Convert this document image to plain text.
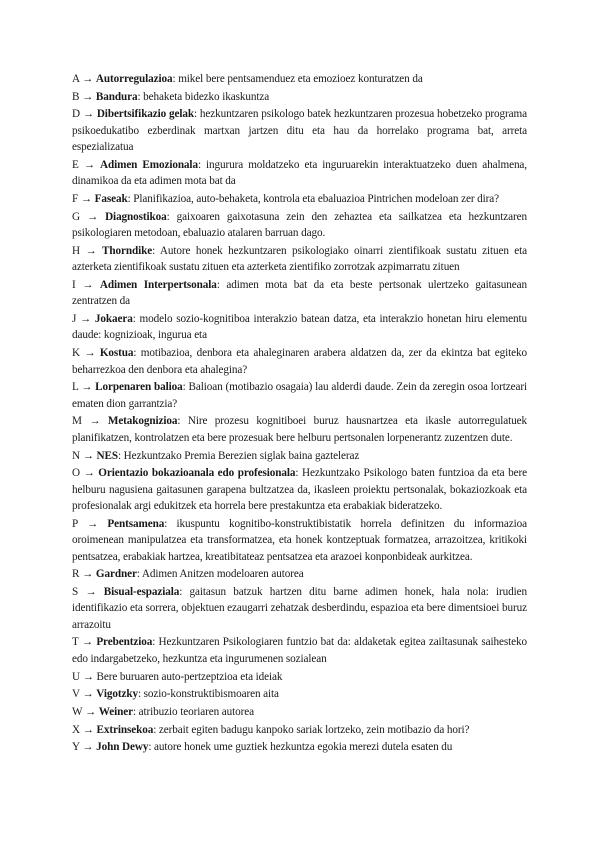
A → Autorregulazioa: mikel bere pentsamenduez eta emozioez konturatzen da

B → Bandura: behaketa bidezko ikaskuntza

D → Dibertsifikazio gelak: hezkuntzaren psikologo batek hezkuntzaren prozesua hobetzeko programa psikoedukatibo ezberdinak martxan jartzen ditu eta hau da horrelako programa bat, arreta espezializatua

E → Adimen Emozionala: ingurura moldatzeko eta inguruarekin interaktuatzeko duen ahalmena, dinamikoa da eta adimen mota bat da

F → Faseak: Planifikazioa, auto-behaketa, kontrola eta ebaluazioa Pintrichen modeloan zer dira?

G → Diagnostikoa: gaixoaren gaixotasuna zein den zehaztea eta sailkatzea eta hezkuntzaren psikologiaren metodoan, ebaluazio atalaren barruan dago.

H → Thorndike: Autore honek hezkuntzaren psikologiako oinarri zientifikoak sustatu zituen eta azterketa zientifikoak sustatu zituen eta azterketa zientifiko zorrotzak azpimarratu zituen

I → Adimen Interpertsonala: adimen mota bat da eta beste pertsonak ulertzeko gaitasunean zentratzen da

J → Jokaera: modelo sozio-kognitiboa interakzio batean datza, eta interakzio honetan hiru elementu daude: kognizioak, ingurua eta

K → Kostua: motibazioa, denbora eta ahaleginaren arabera aldatzen da, zer da ekintza bat egiteko beharrezkoa den denbora eta ahalegina?

L → Lorpenaren balioa: Balioan (motibazio osagaia) lau alderdi daude. Zein da zeregin osoa lortzeari ematen dion garrantzia?

M → Metakognizioa: Nire prozesu kognitiboei buruz hausnartzea eta ikasle autorregulatuek planifikatzen, kontrolatzen eta bere prozesuak bere helburu pertsonalen lorpenerantz zuzentzen dute.

N → NES: Hezkuntzako Premia Berezien siglak baina gazteleraz

O → Orientazio bokazioanala edo profesionala: Hezkuntzako Psikologo baten funtzioa da eta bere helburu nagusiena gaitasunen garapena bultzatzea da, ikasleen proiektu pertsonalak, bokaziozkoak eta profesionalak argi edukitzek eta horrela bere prestakuntza eta erabakiak bideratzeko.

P → Pentsamena: ikuspuntu kognitibo-konstruktibistatik horrela definitzen du informazioa oroimenean manipulatzea eta transformatzea, eta honek kontzeptuak formatzea, arrazoitzea, kritikoki pentsatzea, erabakiak hartzea, kreatibitateaz pentsatzea eta arazoei konponbideak aurkitzea.

R → Gardner: Adimen Anitzen modeloaren autorea

S → Bisual-espaziala: gaitasun batzuk hartzen ditu barne adimen honek, hala nola: irudien identifikazio eta sorrera, objektuen ezaugarri zehatzak desberdindu, espazioa eta bere dimentsioei buruz arrazoitu

T → Prebentzioa: Hezkuntzaren Psikologiaren funtzio bat da: aldaketak egitea zailtasunak saihesteko edo indargabetzeko, hezkuntza eta ingurumenen sozialean

U → Bere buruaren auto-pertzeptzioa eta ideiak

V → Vigotzky: sozio-konstruktibismoaren aita

W → Weiner: atribuzio teoriaren autorea

X → Extrinsekoa: zerbait egiten badugu kanpoko sariak lortzeko, zein motibazio da hori?

Y → John Dewy: autore honek ume guztiek hezkuntza egokia merezi dutela esaten du
